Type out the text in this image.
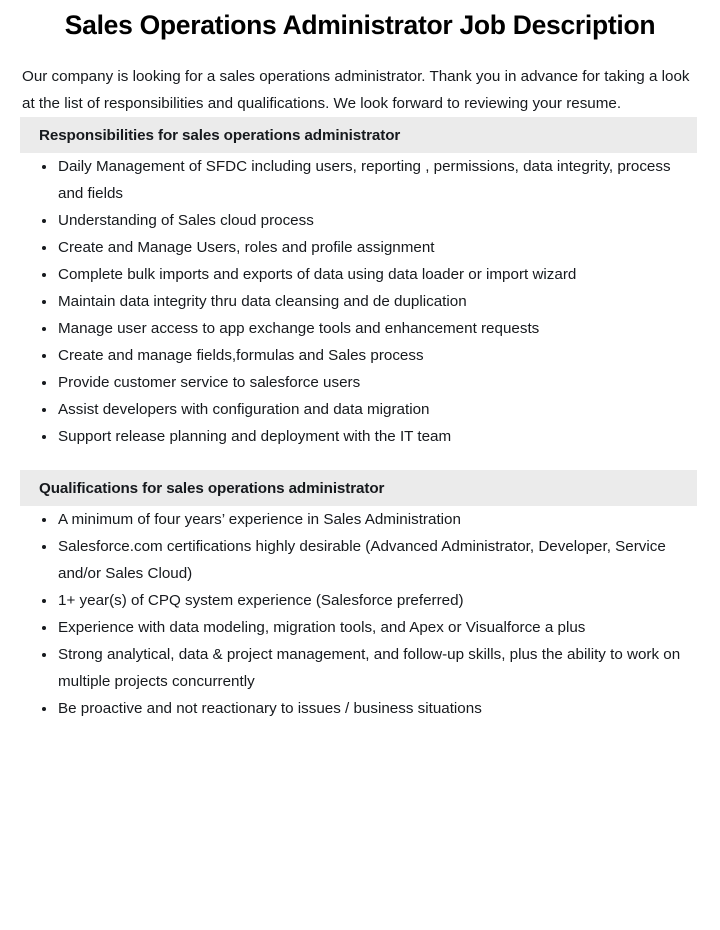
Sales Operations Administrator Job Description

Our company is looking for a sales operations administrator. Thank you in advance for taking a look at the list of responsibilities and qualifications. We look forward to reviewing your resume.

Responsibilities for sales operations administrator
Daily Management of SFDC including users, reporting , permissions, data integrity, process and fields
Understanding of Sales cloud process
Create and Manage Users, roles and profile assignment
Complete bulk imports and exports of data using data loader or import wizard
Maintain data integrity thru data cleansing and de duplication
Manage user access to app exchange tools and enhancement requests
Create and manage fields,formulas and Sales process
Provide customer service to salesforce users
Assist developers with configuration and data migration
Support release planning and deployment with the IT team
Qualifications for sales operations administrator
A minimum of four years’ experience in Sales Administration
Salesforce.com certifications highly desirable (Advanced Administrator, Developer, Service and/or Sales Cloud)
1+ year(s) of CPQ system experience (Salesforce preferred)
Experience with data modeling, migration tools, and Apex or Visualforce a plus
Strong analytical, data & project management, and follow-up skills, plus the ability to work on multiple projects concurrently
Be proactive and not reactionary to issues / business situations
